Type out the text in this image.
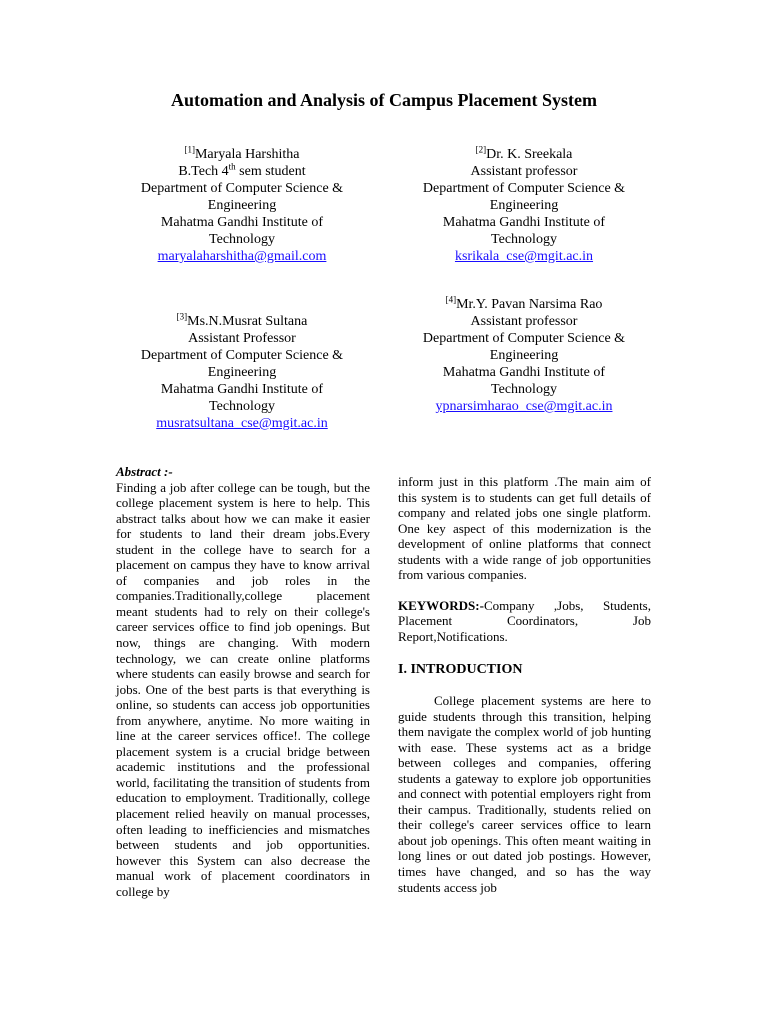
Automation and Analysis of Campus Placement System
[1]Maryala Harshitha
B.Tech 4th sem student
Department of Computer Science &
Engineering
Mahatma Gandhi Institute of
Technology
maryalaharshitha@gmail.com
[2]Dr. K. Sreekala
Assistant professor
Department of Computer Science &
Engineering
Mahatma Gandhi Institute of
Technology
ksrikala_cse@mgit.ac.in
[3]Ms.N.Musrat Sultana
Assistant Professor
Department of Computer Science &
Engineering
Mahatma Gandhi Institute of
Technology
musratsultana_cse@mgit.ac.in
[4]Mr.Y. Pavan Narsima Rao
Assistant professor
Department of Computer Science &
Engineering
Mahatma Gandhi Institute of
Technology
ypnarsimharao_cse@mgit.ac.in

Abstract :-

Finding a job after college can be tough, but the college placement system is here to help. This abstract talks about how we can make it easier for students to land their dream jobs.Every student in the college have to search for a placement on campus they have to know arrival of companies and job roles in the companies.Traditionally,college placement meant students had to rely on their college's career services office to find job openings. But now, things are changing. With modern technology, we can create online platforms where students can easily browse and search for jobs. One of the best parts is that everything is online, so students can access job opportunities from anywhere, anytime. No more waiting in line at the career services office!. The college placement system is a crucial bridge between academic institutions and the professional world, facilitating the transition of students from education to employment. Traditionally, college placement relied heavily on manual processes, often leading to inefficiencies and mismatches between students and job opportunities. however this System can also decrease the manual work of placement coordinators in college by

inform just in this platform .The main aim of this system is to students can get full details of company and related jobs one single platform. One key aspect of this modernization is the development of online platforms that connect students with a wide range of job opportunities from various companies.

KEYWORDS:-Company ,Jobs, Students, Placement Coordinators, Job Report,Notifications.

I. INTRODUCTION

College placement systems are here to guide students through this transition, helping them navigate the complex world of job hunting with ease. These systems act as a bridge between colleges and companies, offering students a gateway to explore job opportunities and connect with potential employers right from their campus. Traditionally, students relied on their college's career services office to learn about job openings. This often meant waiting in long lines or out dated job postings. However, times have changed, and so has the way students access job
